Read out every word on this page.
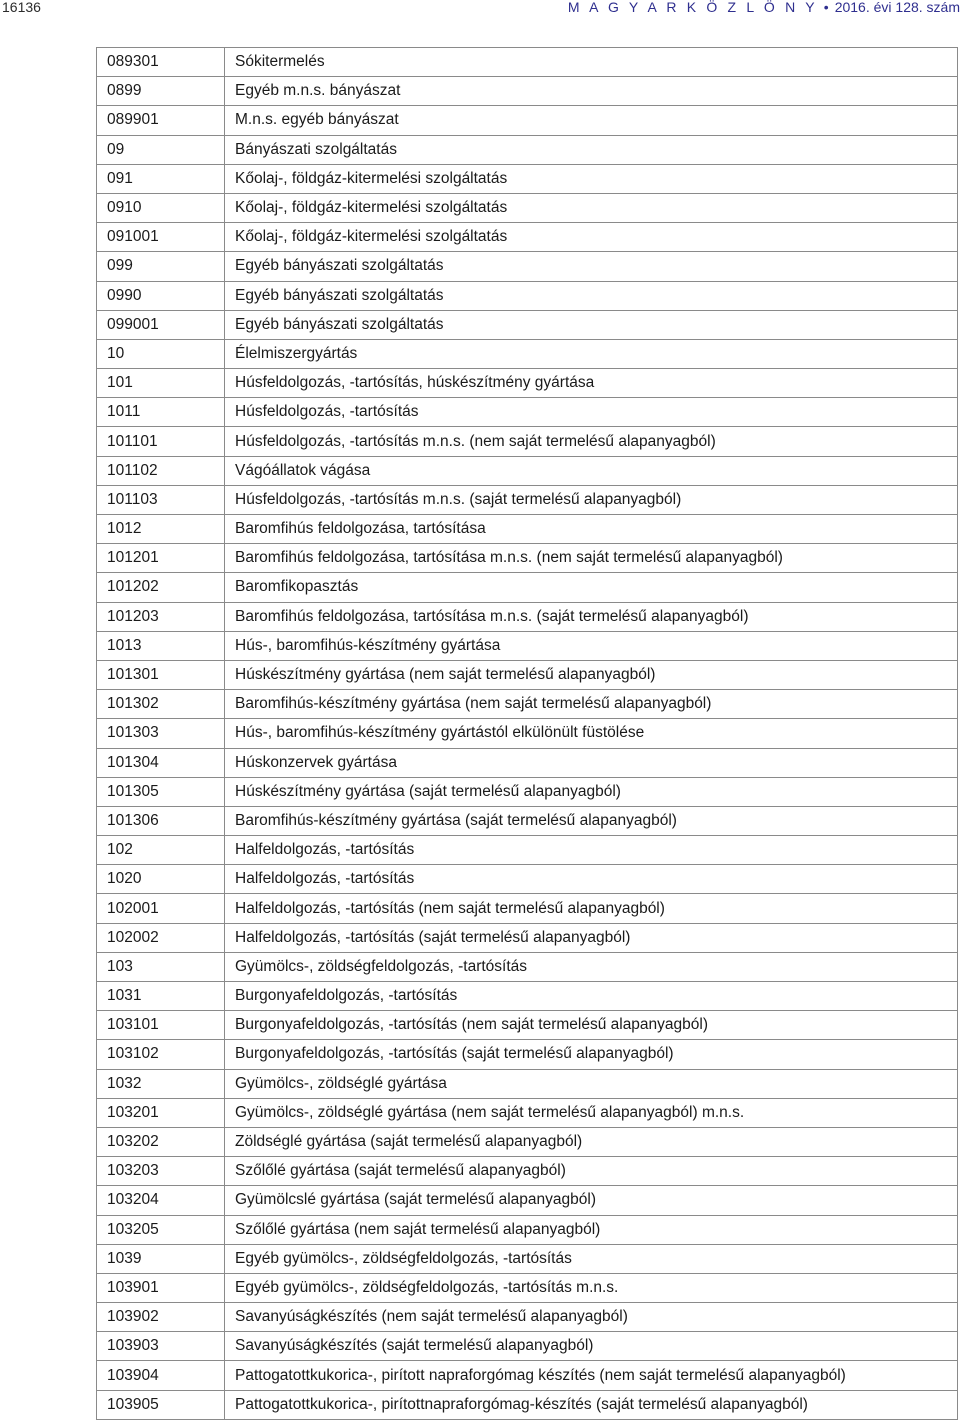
16136	M A G Y A R K Ö Z L Ö N Y • 2016. évi 128. szám
089301	Sókitermelés
0899	Egyéb m.n.s. bányászat
089901	M.n.s. egyéb bányászat
09	Bányászati szolgáltatás
091	Kőolaj-, földgáz-kitermelési szolgáltatás
0910	Kőolaj-, földgáz-kitermelési szolgáltatás
091001	Kőolaj-, földgáz-kitermelési szolgáltatás
099	Egyéb bányászati szolgáltatás
0990	Egyéb bányászati szolgáltatás
099001	Egyéb bányászati szolgáltatás
10	Élelmiszergyártás
101	Húsfeldolgozás, -tartósítás, húskészítmény gyártása
1011	Húsfeldolgozás, -tartósítás
101101	Húsfeldolgozás, -tartósítás m.n.s. (nem saját termelésű alapanyagból)
101102	Vágóállatok vágása
101103	Húsfeldolgozás, -tartósítás m.n.s. (saját termelésű alapanyagból)
1012	Baromfihús feldolgozása, tartósítása
101201	Baromfihús feldolgozása, tartósítása m.n.s. (nem saját termelésű alapanyagból)
101202	Baromfikopasztás
101203	Baromfihús feldolgozása, tartósítása m.n.s. (saját termelésű alapanyagból)
1013	Hús-, baromfihús-készítmény gyártása
101301	Húskészítmény gyártása (nem saját termelésű alapanyagból)
101302	Baromfihús-készítmény gyártása (nem saját termelésű alapanyagból)
101303	Hús-, baromfihús-készítmény gyártástól elkülönült füstölése
101304	Húskonzervek gyártása
101305	Húskészítmény gyártása (saját termelésű alapanyagból)
101306	Baromfihús-készítmény gyártása (saját termelésű alapanyagból)
102	Halfeldolgozás, -tartósítás
1020	Halfeldolgozás, -tartósítás
102001	Halfeldolgozás, -tartósítás (nem saját termelésű alapanyagból)
102002	Halfeldolgozás, -tartósítás (saját termelésű alapanyagból)
103	Gyümölcs-, zöldségfeldolgozás, -tartósítás
1031	Burgonyafeldolgozás, -tartósítás
103101	Burgonyafeldolgozás, -tartósítás (nem saját termelésű alapanyagból)
103102	Burgonyafeldolgozás, -tartósítás (saját termelésű alapanyagból)
1032	Gyümölcs-, zöldséglé gyártása
103201	Gyümölcs-, zöldséglé gyártása (nem saját termelésű alapanyagból) m.n.s.
103202	Zöldséglé gyártása (saját termelésű alapanyagból)
103203	Szőlőlé gyártása (saját termelésű alapanyagból)
103204	Gyümölcslé gyártása (saját termelésű alapanyagból)
103205	Szőlőlé gyártása (nem saját termelésű alapanyagból)
1039	Egyéb gyümölcs-, zöldségfeldolgozás, -tartósítás
103901	Egyéb gyümölcs-, zöldségfeldolgozás, -tartósítás m.n.s.
103902	Savanyúságkészítés (nem saját termelésű alapanyagból)
103903	Savanyúságkészítés (saját termelésű alapanyagból)
103904	Pattogatottkukorica-, pirított napraforgómag készítés (nem saját termelésű alapanyagból)
103905	Pattogatottkukorica-, pirítottnapraforgómag-készítés (saját termelésű alapanyagból)
